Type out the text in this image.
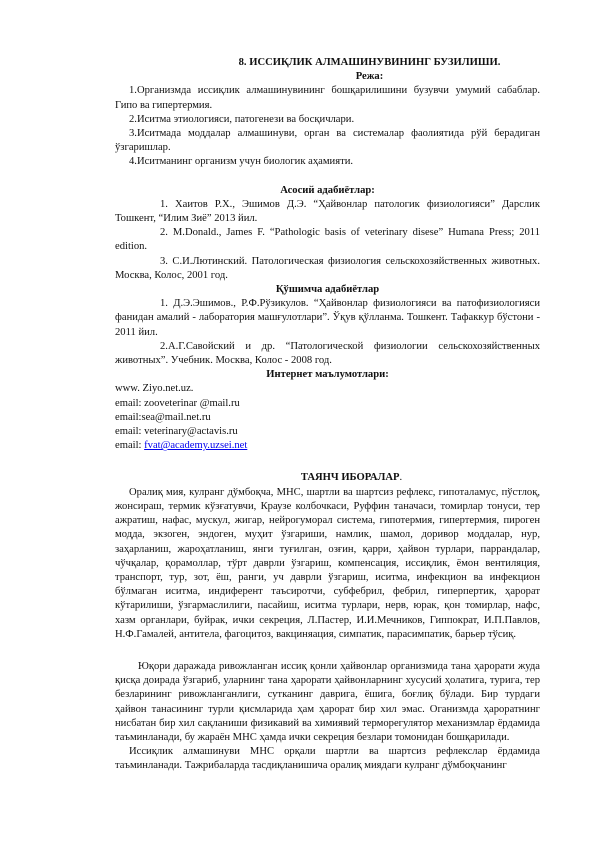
8. ИССИҚЛИК АЛМАШИНУВИНИНГ БУЗИЛИШИ.

Режа:

1.Организмда иссиқлик алмашинувининг бошқарилишини бузувчи умумий сабаблар. Гипо ва гипертермия.

2.Иситма этиологияси, патогенези ва босқичлари.

3.Иситмада моддалар алмашинуви, орган ва системалар фаолиятида рўй берадиган ўзгаришлар.

4.Иситманинг организм учун биологик аҳамияти.

Асосий адабиётлар:

1. Хаитов Р.Х., Эшимов Д.Э. “Ҳайвонлар патологик физиологияси” Дарслик Тошкент, “Илим Зиё” 2013 йил.

2. M.Donald., James F. “Pathologic basis of veterinary disese” Humana Press; 2011 edition.

3. С.И.Лютинский. Патологическая физиология сельскохозяйственных животных. Москва, Колос, 2001 год.

Қўшимча адабиётлар

1. Д.Э.Эшимов., Р.Ф.Рўзикулов. “Ҳайвонлар физиологияси ва патофизиологияси фанидан амалий - лаборатория машғулотлари”. Ўқув қўлланма. Тошкент. Тафаккур бўстони - 2011 йил.

2.А.Г.Савойский и др. “Патологической физиологии сельскохозяйственных животных”. Учебник. Москва, Колос - 2008 год.

Интернет маълумотлари:

www. Ziyo.net.uz.

email: zooveterinar @mail.ru

email:sea@mail.net.ru

email: veterinary@actavis.ru

email: fvat@academy.uzsei.net

ТАЯНЧ ИБОРАЛАР.

Оралиқ мия, кулранг дўмбоқча, МНС, шартли ва шартсиз рефлекс, гипоталамус, пўстлоқ, жонсираш, термик кўзғатувчи, Краузе колбочкаси, Руффин таначаси, томирлар тонуси, тер ажратиш, нафас, мускул, жигар, нейрогуморал система, гипотермия, гипертермия, пироген модда, экзоген, эндоген, муҳит ўзгариши, намлик, шамол, доривор моддалар, нур, заҳарланиш, жароҳатланиш, янги туғилган, озғин, қарри, ҳайвон турлари, паррандалар, чўчқалар, қорамоллар, тўрт даврли ўзгариш, компенсация, иссиқлик, ёмон вентиляция, транспорт, тур, зот, ёш, ранги, уч даврли ўзгариш, иситма, инфекцион ва инфекцион бўлмаган иситма, индиферент таъсиротчи, субфебрил, фебрил, гиперпертик, ҳарорат кўтарилиши, ўзгармаслилиги, пасайиш, иситма турлари, нерв, юрак, қон томирлар, нафс, хазм органлари, буйрак, ички секреция, Л.Пастер, И.И.Мечников, Гиппократ, И.П.Павлов, Н.Ф.Гамалей, антитела, фагоцитоз, вакциняация, симпатик, парасимпатик, барьер тўсиқ.

Юқори даражада ривожланган иссиқ қонли ҳайвонлар организмида тана ҳарорати жуда қисқа доирада ўзгариб, уларнинг тана ҳарорати ҳайвонларнинг хусусий ҳолатига, турига, тер безларининг ривожланганлиги, сутканинг даврига, ёшига, боғлиқ бўлади. Бир турдаги ҳайвон танасининг турли қисмларида ҳам ҳарорат бир хил эмас. Оганизмда ҳароратнинг нисбатан бир хил сақланиши физикавий ва химиявий терморегулятор механизмлар ёрдамида таъминланади, бу жараён МНС ҳамда ички секреция безлари томонидан бошқарилади.

Иссиқлик алмашинуви МНС орқали шартли ва шартсиз рефлекслар ёрдамида таъминланади. Тажрибаларда тасдиқланишича оралиқ миядаги кулранг дўмбоқчанинг
